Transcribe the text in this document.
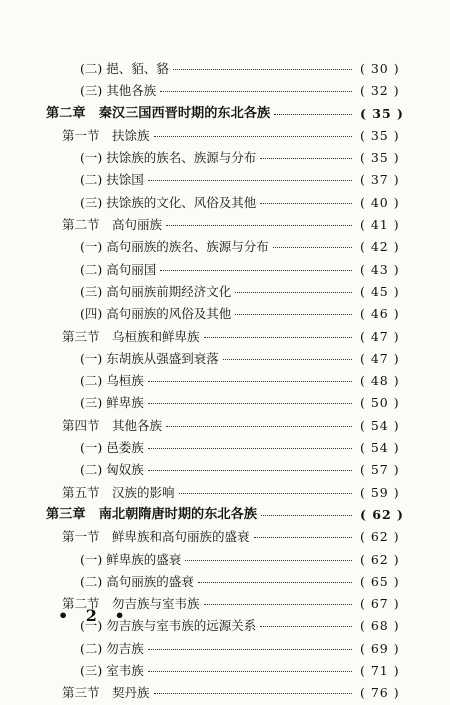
(二) 挹、貊、貉	( 30 )
(三) 其他各族	( 32 )
第二章　秦汉三国西晋时期的东北各族	( 35 )
第一节　扶馀族	( 35 )
(一) 扶馀族的族名、族源与分布	( 35 )
(二) 扶馀国	( 37 )
(三) 扶馀族的文化、风俗及其他	( 40 )
第二节　高句丽族	( 41 )
(一) 高句丽族的族名、族源与分布	( 42 )
(二) 高句丽国	( 43 )
(三) 高句丽族前期经济文化	( 45 )
(四) 高句丽族的风俗及其他	( 46 )
第三节　乌桓族和鲜卑族	( 47 )
(一) 东胡族从强盛到衰落	( 47 )
(二) 乌桓族	( 48 )
(三) 鲜卑族	( 50 )
第四节　其他各族	( 54 )
(一) 邑娄族	( 54 )
(二) 匈奴族	( 57 )
第五节　汉族的影响	( 59 )
第三章　南北朝隋唐时期的东北各族	( 62 )
第一节　鲜卑族和高句丽族的盛衰	( 62 )
(一) 鲜卑族的盛衰	( 62 )
(二) 高句丽族的盛衰	( 65 )
第二节　勿吉族与室韦族	( 67 )
(一) 勿吉族与室韦族的远源关系	( 68 )
(二) 勿吉族	( 69 )
(三) 室韦族	( 71 )
第三节　契丹族	( 76 )
• 2 •
